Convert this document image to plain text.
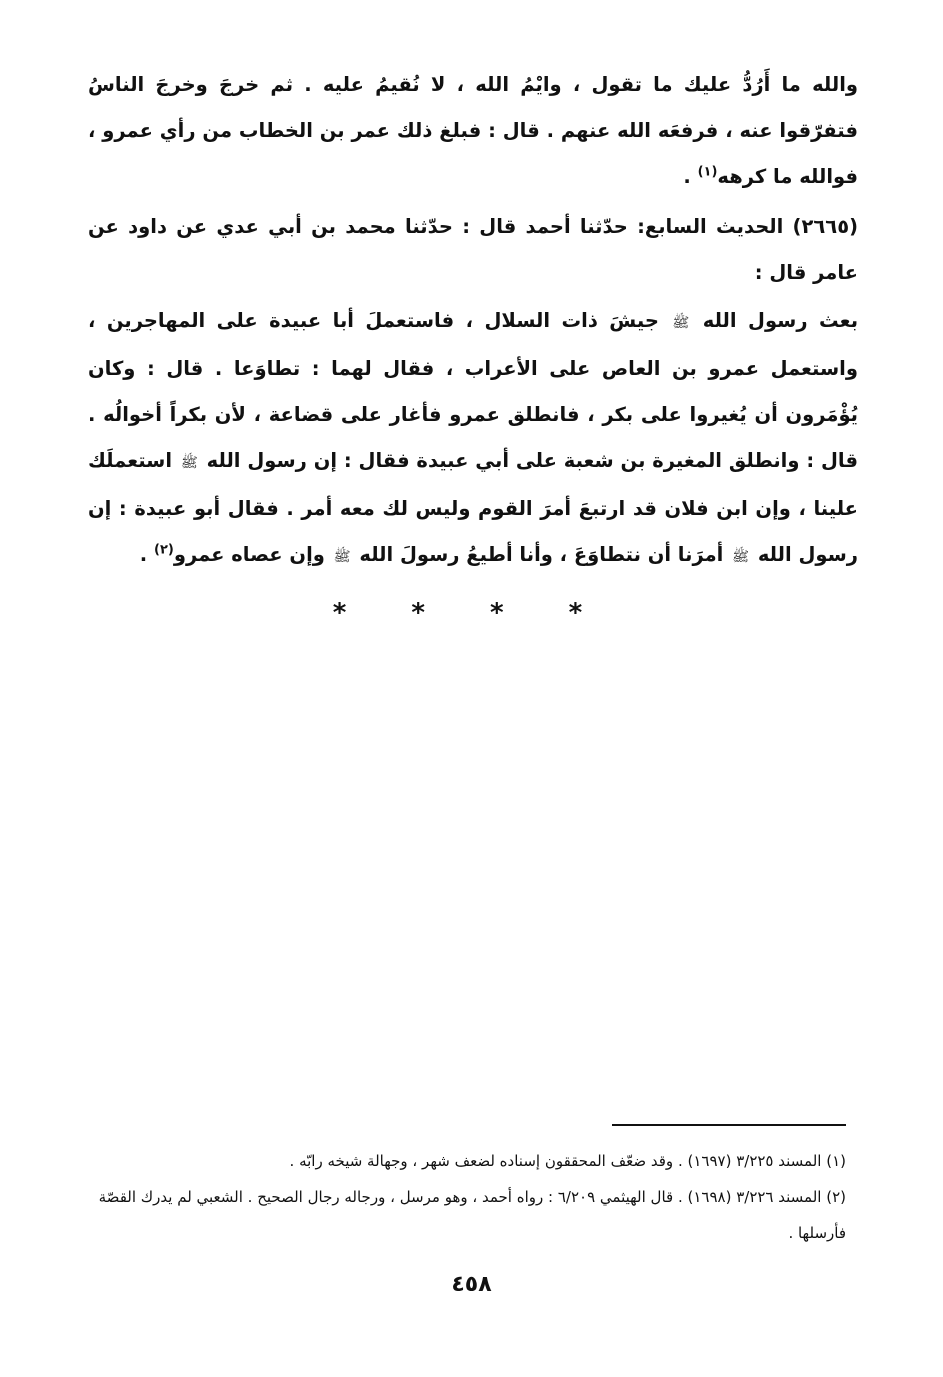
والله ما أَرُدُّ عليك ما تقول ، وايْمُ الله ، لا نُقيمُ عليه . ثم خرجَ وخرجَ الناسُ فتفرّقوا عنه ، فرفعَه الله عنهم . قال : فبلغ ذلك عمر بن الخطاب من رأي عمرو ، فوالله ما كرهه$^{(١)}$ .

(٢٦٦٥) الحديث السابع: حدّثنا أحمد قال : حدّثنا محمد بن أبي عدي عن داود عن عامر قال :

بعث رسول الله ﷺ جيشَ ذات السلال ، فاستعملَ أبا عبيدة على المهاجرين ، واستعمل عمرو بن العاص على الأعراب ، فقال لهما : تطاوَعا . قال : وكان يُؤْمَرون أن يُغيروا على بكر ، فانطلق عمرو فأغار على قضاعة ، لأن بكراً أخوالُه . قال : وانطلق المغيرة بن شعبة على أبي عبيدة فقال : إن رسول الله ﷺ استعملَك علينا ، وإن ابن فلان قد ارتبعَ أمرَ القوم وليس لك معه أمر . فقال أبو عبيدة : إن رسول الله ﷺ أمرَنا أن نتطاوَعَ ، وأنا أطيعُ رسولَ الله ﷺ وإن عصاه عمرو$^{(٢)}$ .

* * * *

(١) المسند ٣/٢٢٥ (١٦٩٧) . وقد ضعّف المحققون إسناده لضعف شهر ، وجهالة شيخه رابّه .

(٢) المسند ٣/٢٢٦ (١٦٩٨) . قال الهيثمي ٦/٢٠٩ : رواه أحمد ، وهو مرسل ، ورجاله رجال الصحيح . الشعبي لم يدرك القصّة فأرسلها .

٤٥٨
